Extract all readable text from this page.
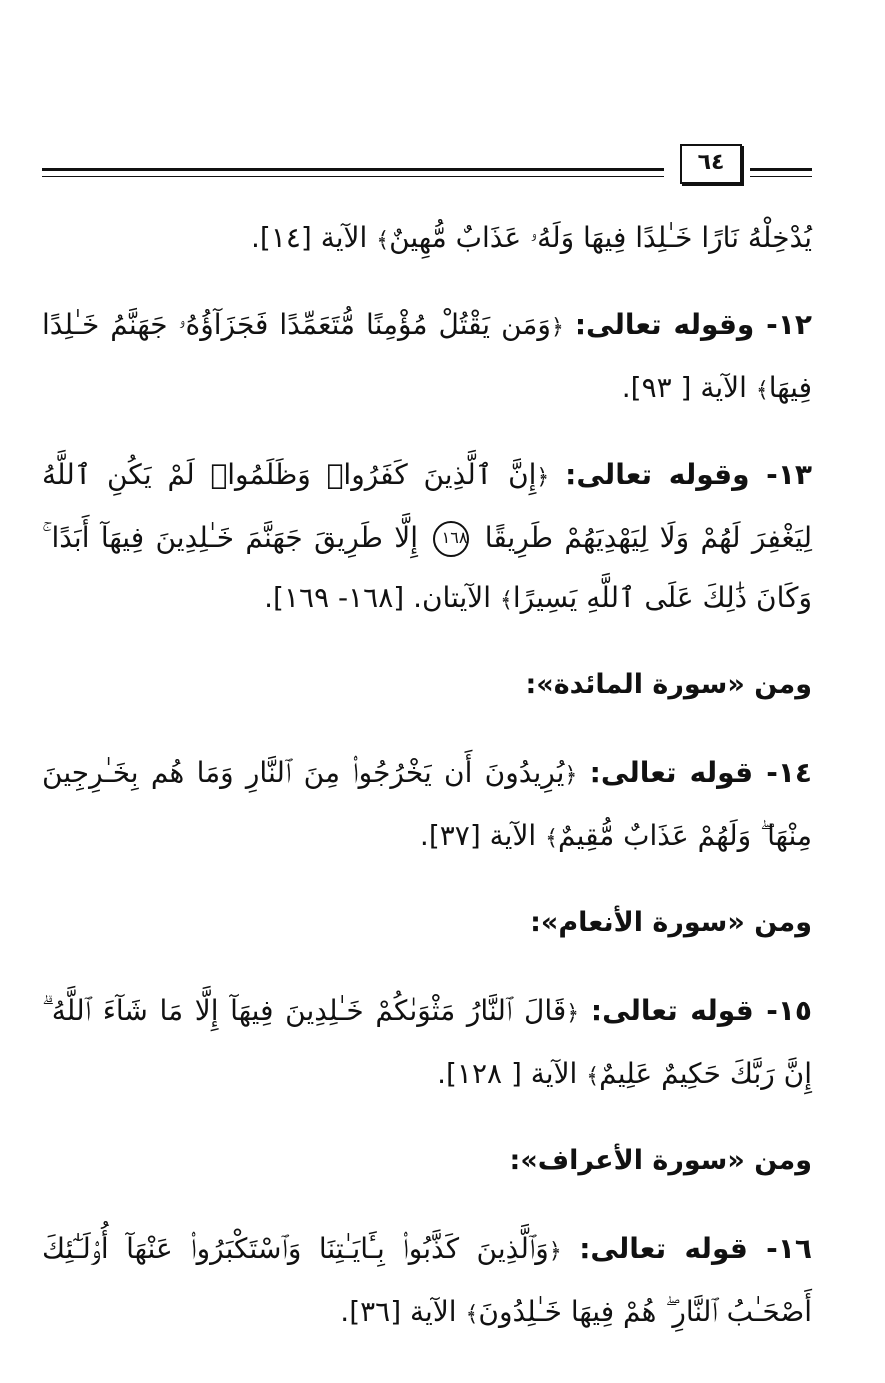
٦٤

يُدْخِلْهُ نَارًا خَـٰلِدًا فِيهَا وَلَهُۥ عَذَابٌ مُّهِينٌ﴾ الآية [١٤].

١٢- وقوله تعالى: ﴿وَمَن يَقْتُلْ مُؤْمِنًا مُّتَعَمِّدًا فَجَزَآؤُهُۥ جَهَنَّمُ خَـٰلِدًا فِيهَا﴾ الآية [ ٩٣].

١٣- وقوله تعالى: ﴿إِنَّ ٱلَّذِينَ كَفَرُوا۟ وَظَلَمُوا۟ لَمْ يَكُنِ ٱللَّهُ لِيَغْفِرَ لَهُمْ وَلَا لِيَهْدِيَهُمْ طَرِيقًا ١٦٨ إِلَّا طَرِيقَ جَهَنَّمَ خَـٰلِدِينَ فِيهَآ أَبَدًا ۚ وَكَانَ ذَٰلِكَ عَلَى ٱللَّهِ يَسِيرًا﴾ الآيتان. [١٦٨- ١٦٩].

ومن «سورة المائدة»:

١٤- قوله تعالى: ﴿يُرِيدُونَ أَن يَخْرُجُوا۟ مِنَ ٱلنَّارِ وَمَا هُم بِخَـٰرِجِينَ مِنْهَا ۖ وَلَهُمْ عَذَابٌ مُّقِيمٌ﴾ الآية [٣٧].

ومن «سورة الأنعام»:

١٥- قوله تعالى: ﴿قَالَ ٱلنَّارُ مَثْوَىٰكُمْ خَـٰلِدِينَ فِيهَآ إِلَّا مَا شَآءَ ٱللَّهُ ۗ إِنَّ رَبَّكَ حَكِيمٌ عَلِيمٌ﴾ الآية [ ١٢٨].

ومن «سورة الأعراف»:

١٦- قوله تعالى: ﴿وَٱلَّذِينَ كَذَّبُوا۟ بِـَٔايَـٰتِنَا وَٱسْتَكْبَرُوا۟ عَنْهَآ أُو۟لَـٰٓئِكَ أَصْحَـٰبُ ٱلنَّارِ ۖ هُمْ فِيهَا خَـٰلِدُونَ﴾ الآية [٣٦].
